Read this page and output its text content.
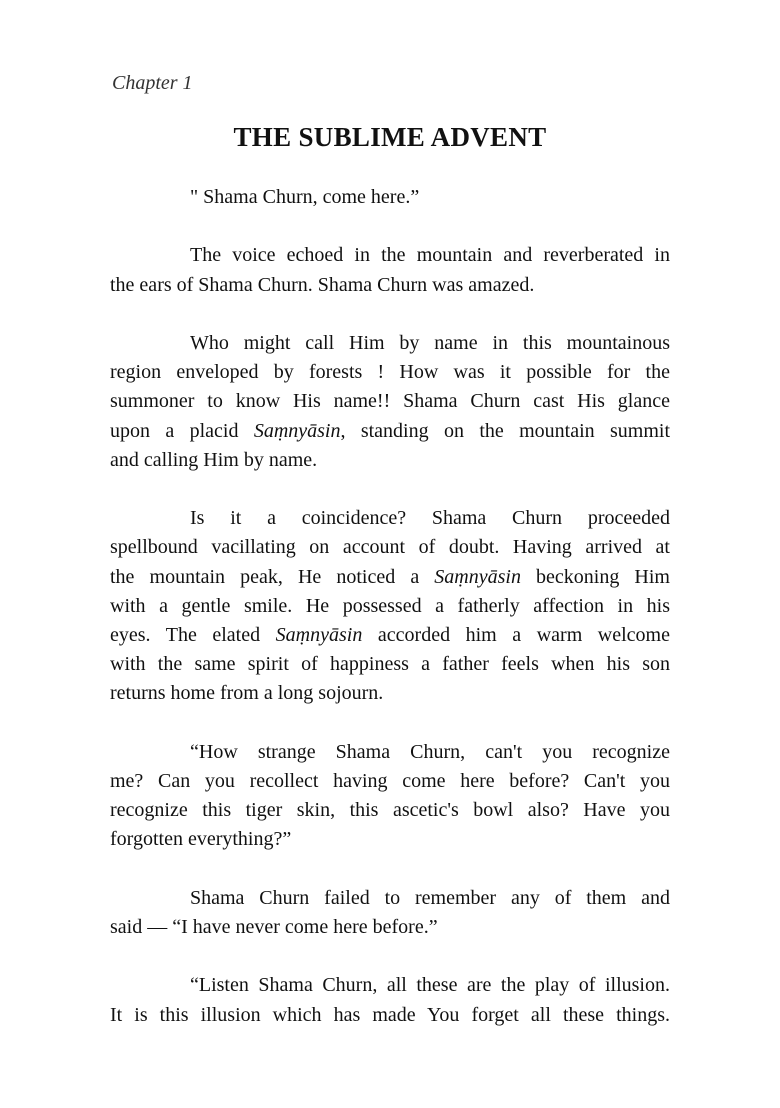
Chapter 1
THE SUBLIME ADVENT
" Shama Churn, come here.”
The voice echoed in the mountain and reverberated in
the ears of Shama Churn. Shama Churn was amazed.
Who might call Him by name in this mountainous
region enveloped by forests ! How was it possible for the
summoner to know His name!! Shama Churn cast His glance
upon a placid Saṃnyāsin, standing on the mountain summit
and calling Him by name.
Is it a coincidence? Shama Churn proceeded
spellbound vacillating on account of doubt. Having arrived at
the mountain peak, He noticed a Saṃnyāsin beckoning Him
with a gentle smile. He possessed a fatherly affection in his
eyes. The elated Saṃnyāsin accorded him a warm welcome
with the same spirit of happiness a father feels when his son
returns home from a long sojourn.
“How strange Shama Churn, can't you recognize
me? Can you recollect having come here before? Can't you
recognize this tiger skin, this ascetic's bowl also? Have you
forgotten everything?”
Shama Churn failed to remember any of them and
said — “I have never come here before.”
“Listen Shama Churn, all these are the play of illusion.
It is this illusion which has made You forget all these things.
